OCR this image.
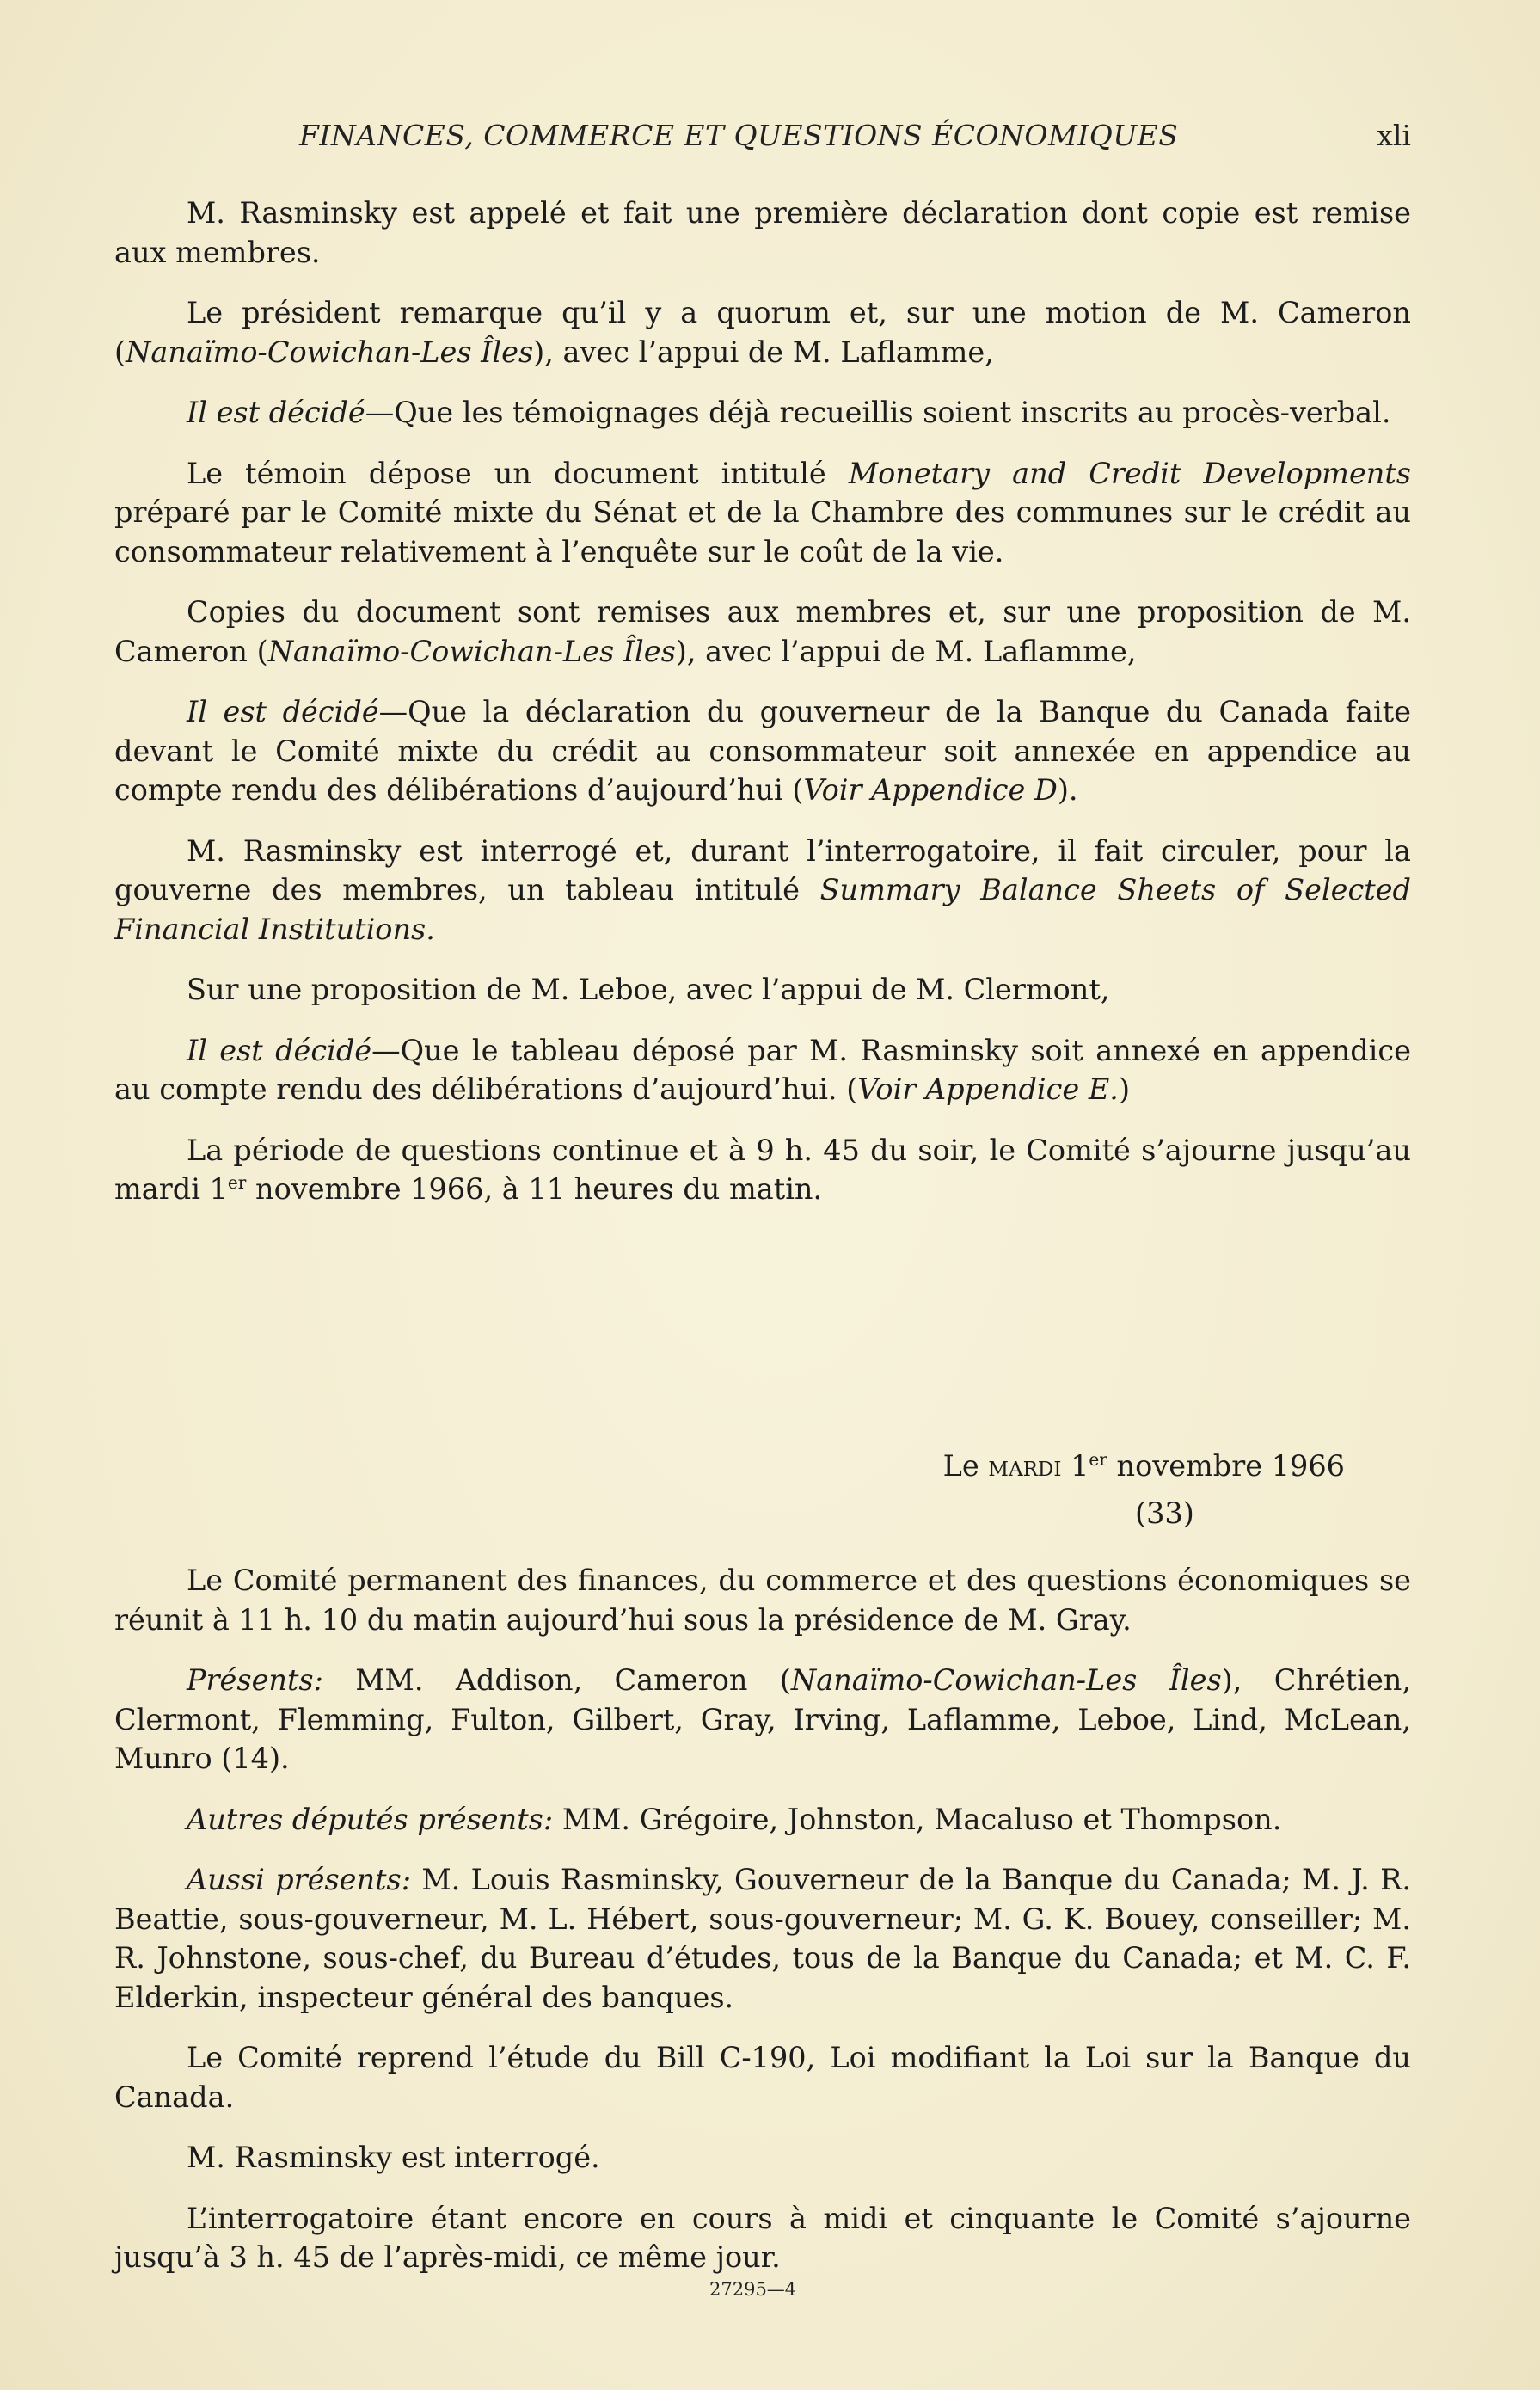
FINANCES, COMMERCE ET QUESTIONS ÉCONOMIQUES	xli

M. Rasminsky est appelé et fait une première déclaration dont copie est remise aux membres.

Le président remarque qu’il y a quorum et, sur une motion de M. Cameron (Nanaïmo-Cowichan-Les Îles), avec l’appui de M. Laflamme,

Il est décidé—Que les témoignages déjà recueillis soient inscrits au procès-verbal.

Le témoin dépose un document intitulé Monetary and Credit Developments préparé par le Comité mixte du Sénat et de la Chambre des communes sur le crédit au consommateur relativement à l’enquête sur le coût de la vie.

Copies du document sont remises aux membres et, sur une proposition de M. Cameron (Nanaïmo-Cowichan-Les Îles), avec l’appui de M. Laflamme,

Il est décidé—Que la déclaration du gouverneur de la Banque du Canada faite devant le Comité mixte du crédit au consommateur soit annexée en appendice au compte rendu des délibérations d’aujourd’hui (Voir Appendice D).

M. Rasminsky est interrogé et, durant l’interrogatoire, il fait circuler, pour la gouverne des membres, un tableau intitulé Summary Balance Sheets of Selected Financial Institutions.

Sur une proposition de M. Leboe, avec l’appui de M. Clermont,

Il est décidé—Que le tableau déposé par M. Rasminsky soit annexé en appendice au compte rendu des délibérations d’aujourd’hui. (Voir Appendice E.)

La période de questions continue et à 9 h. 45 du soir, le Comité s’ajourne jusqu’au mardi 1er novembre 1966, à 11 heures du matin.

Le mardi 1er novembre 1966
(33)

Le Comité permanent des finances, du commerce et des questions économiques se réunit à 11 h. 10 du matin aujourd’hui sous la présidence de M. Gray.

Présents: MM. Addison, Cameron (Nanaïmo-Cowichan-Les Îles), Chrétien, Clermont, Flemming, Fulton, Gilbert, Gray, Irving, Laflamme, Leboe, Lind, McLean, Munro (14).

Autres députés présents: MM. Grégoire, Johnston, Macaluso et Thompson.

Aussi présents: M. Louis Rasminsky, Gouverneur de la Banque du Canada; M. J. R. Beattie, sous-gouverneur, M. L. Hébert, sous-gouverneur; M. G. K. Bouey, conseiller; M. R. Johnstone, sous-chef, du Bureau d’études, tous de la Banque du Canada; et M. C. F. Elderkin, inspecteur général des banques.

Le Comité reprend l’étude du Bill C-190, Loi modifiant la Loi sur la Banque du Canada.

M. Rasminsky est interrogé.

L’interrogatoire étant encore en cours à midi et cinquante le Comité s’ajourne jusqu’à 3 h. 45 de l’après-midi, ce même jour.

27295—4
